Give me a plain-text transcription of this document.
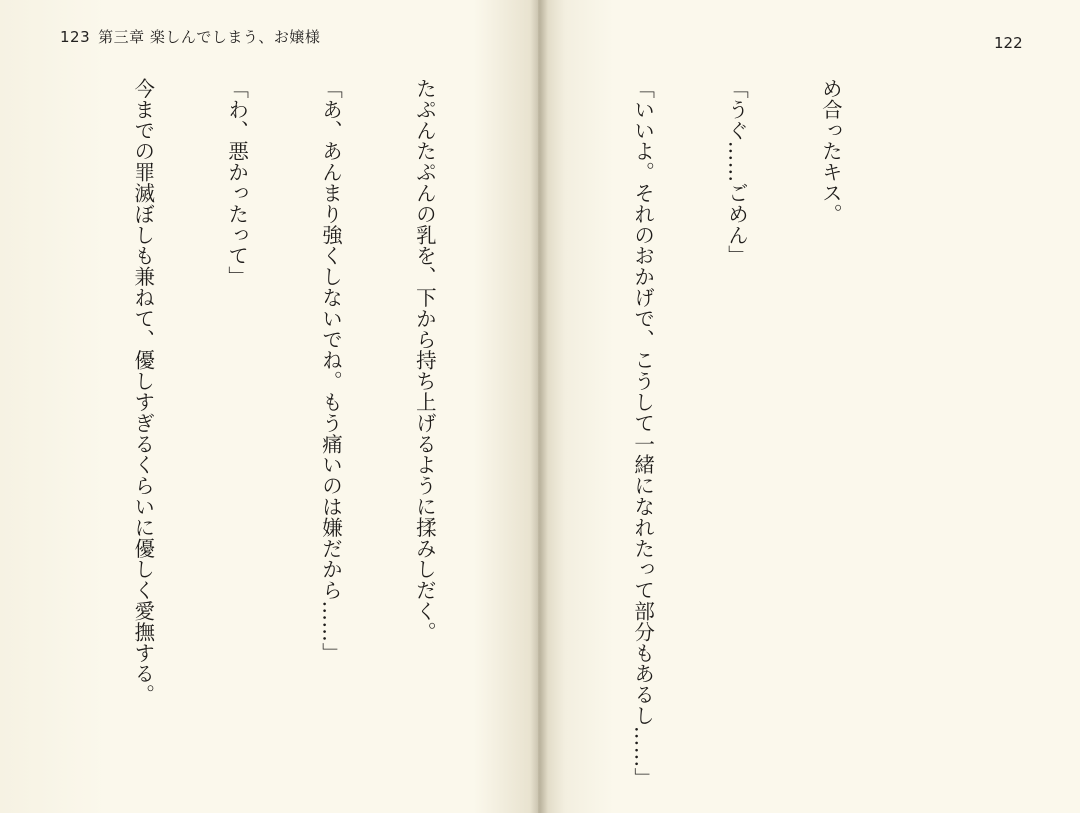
123 第三章 楽しんでしまう、お嬢様

たぷんたぷんの乳を、下から持ち上げるように揉みしだく。

「あ、あんまり強くしないでね。もう痛いのは嫌だから……」

「わ、悪かったって」

今までの罪滅ぼしも兼ねて、優しすぎるくらいに優しく愛撫する。

122

め合ったキス。

「うぐ……ごめん」

「いいよ。それのおかげで、こうして一緒になれたって部分もあるし……」
